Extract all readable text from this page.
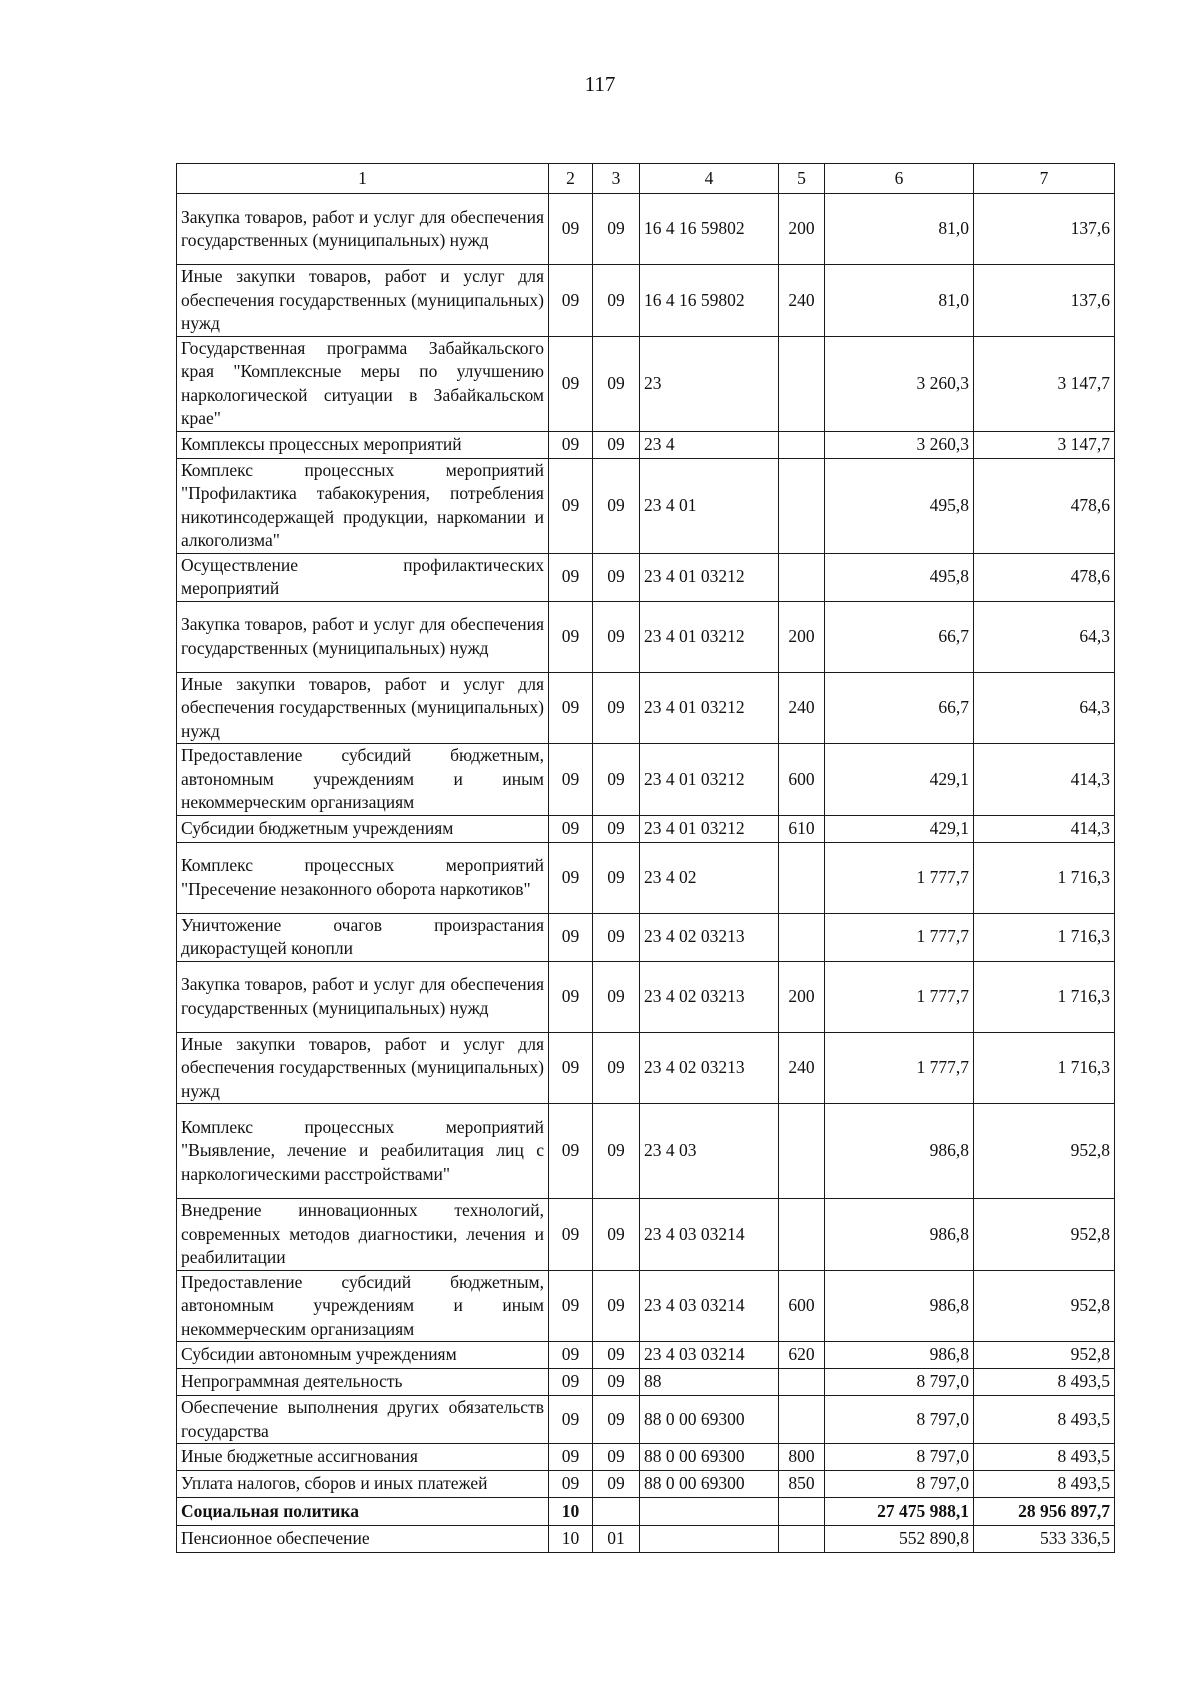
117
1	2	3	4	5	6	7
Закупка товаров, работ и услуг для обеспечения государственных (муниципальных) нужд	09	09	16 4 16 59802	200	81,0	137,6
Иные закупки товаров, работ и услуг для обеспечения государственных (муниципальных) нужд	09	09	16 4 16 59802	240	81,0	137,6
Государственная программа Забайкальского края "Комплексные меры по улучшению наркологической ситуации в Забайкальском крае"	09	09	23		3 260,3	3 147,7
Комплексы процессных мероприятий	09	09	23 4		3 260,3	3 147,7
Комплекс процессных мероприятий "Профилактика табакокурения, потребления никотинсодержащей продукции, наркомании и алкоголизма"	09	09	23 4 01		495,8	478,6
Осуществление профилактических мероприятий	09	09	23 4 01 03212		495,8	478,6
Закупка товаров, работ и услуг для обеспечения государственных (муниципальных) нужд	09	09	23 4 01 03212	200	66,7	64,3
Иные закупки товаров, работ и услуг для обеспечения государственных (муниципальных) нужд	09	09	23 4 01 03212	240	66,7	64,3
Предоставление субсидий бюджетным, автономным учреждениям и иным некоммерческим организациям	09	09	23 4 01 03212	600	429,1	414,3
Субсидии бюджетным учреждениям	09	09	23 4 01 03212	610	429,1	414,3
Комплекс процессных мероприятий "Пресечение незаконного оборота наркотиков"	09	09	23 4 02		1 777,7	1 716,3
Уничтожение очагов произрастания дикорастущей конопли	09	09	23 4 02 03213		1 777,7	1 716,3
Закупка товаров, работ и услуг для обеспечения государственных (муниципальных) нужд	09	09	23 4 02 03213	200	1 777,7	1 716,3
Иные закупки товаров, работ и услуг для обеспечения государственных (муниципальных) нужд	09	09	23 4 02 03213	240	1 777,7	1 716,3
Комплекс процессных мероприятий "Выявление, лечение и реабилитация лиц с наркологическими расстройствами"	09	09	23 4 03		986,8	952,8
Внедрение инновационных технологий, современных методов диагностики, лечения и реабилитации	09	09	23 4 03 03214		986,8	952,8
Предоставление субсидий бюджетным, автономным учреждениям и иным некоммерческим организациям	09	09	23 4 03 03214	600	986,8	952,8
Субсидии автономным учреждениям	09	09	23 4 03 03214	620	986,8	952,8
Непрограммная деятельность	09	09	88		8 797,0	8 493,5
Обеспечение выполнения других обязательств государства	09	09	88 0 00 69300		8 797,0	8 493,5
Иные бюджетные ассигнования	09	09	88 0 00 69300	800	8 797,0	8 493,5
Уплата налогов, сборов и иных платежей	09	09	88 0 00 69300	850	8 797,0	8 493,5
Социальная политика	10				27 475 988,1	28 956 897,7
Пенсионное обеспечение	10	01			552 890,8	533 336,5
